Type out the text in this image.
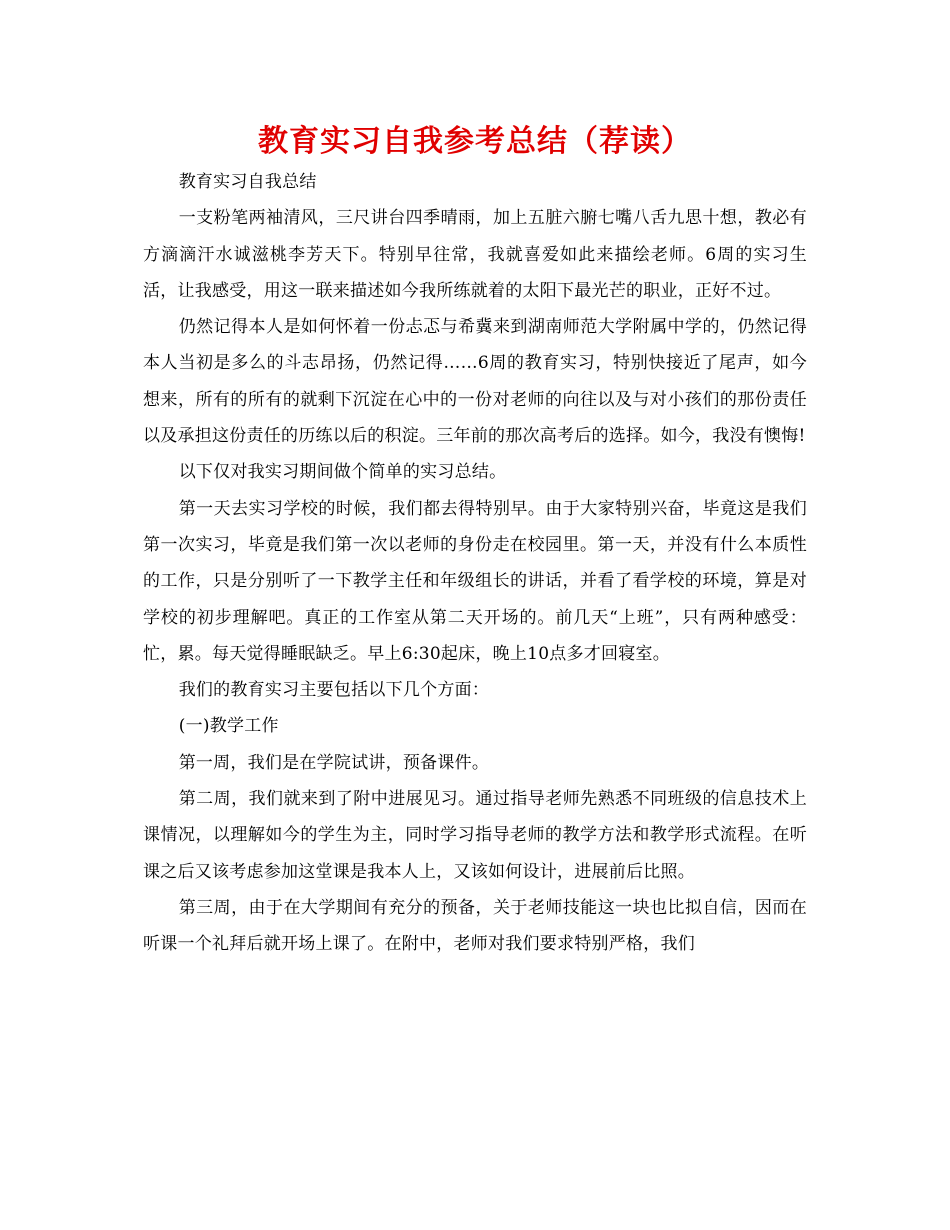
教育实习自我参考总结（荐读）

教育实习自我总结

一支粉笔两袖清风，三尺讲台四季晴雨，加上五脏六腑七嘴八舌九思十想，教必有方滴滴汗水诚滋桃李芳天下。特别早往常，我就喜爱如此来描绘老师。6周的实习生活，让我感受，用这一联来描述如今我所练就着的太阳下最光芒的职业，正好不过。

仍然记得本人是如何怀着一份忐忑与希冀来到湖南师范大学附属中学的，仍然记得本人当初是多么的斗志昂扬，仍然记得……6周的教育实习，特别快接近了尾声，如今想来，所有的所有的就剩下沉淀在心中的一份对老师的向往以及与对小孩们的那份责任以及承担这份责任的历练以后的积淀。三年前的那次高考后的选择。如今，我没有懊悔!

以下仅对我实习期间做个简单的实习总结。

第一天去实习学校的时候，我们都去得特别早。由于大家特别兴奋，毕竟这是我们第一次实习，毕竟是我们第一次以老师的身份走在校园里。第一天，并没有什么本质性的工作，只是分别听了一下教学主任和年级组长的讲话，并看了看学校的环境，算是对学校的初步理解吧。真正的工作室从第二天开场的。前几天“上班”，只有两种感受：忙，累。每天觉得睡眠缺乏。早上6:30起床，晚上10点多才回寝室。

我们的教育实习主要包括以下几个方面：

(一)教学工作

第一周，我们是在学院试讲，预备课件。

第二周，我们就来到了附中进展见习。通过指导老师先熟悉不同班级的信息技术上课情况，以理解如今的学生为主，同时学习指导老师的教学方法和教学形式流程。在听课之后又该考虑参加这堂课是我本人上，又该如何设计，进展前后比照。

第三周，由于在大学期间有充分的预备，关于老师技能这一块也比拟自信，因而在听课一个礼拜后就开场上课了。在附中，老师对我们要求特别严格，我们
